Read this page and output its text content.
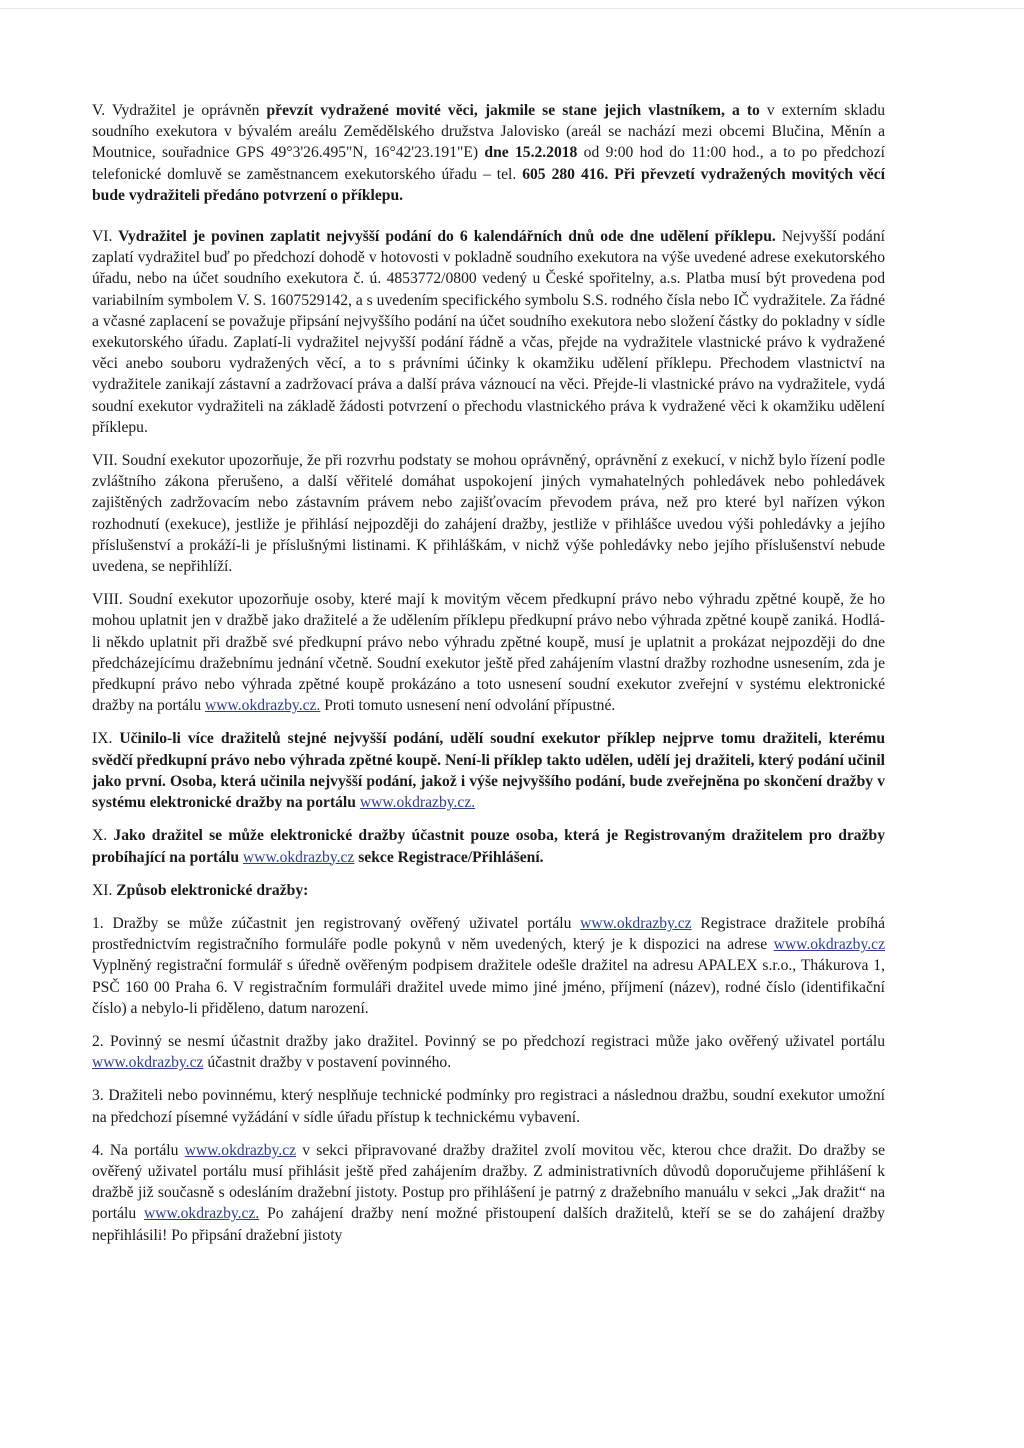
V. Vydražitel je oprávněn převzít vydražené movité věci, jakmile se stane jejich vlastníkem, a to v externím skladu soudního exekutora v bývalém areálu Zemědělského družstva Jalovisko (areál se nachází mezi obcemi Blučina, Měnín a Moutnice, souřadnice GPS 49°3'26.495"N, 16°42'23.191"E) dne 15.2.2018 od 9:00 hod do 11:00 hod., a to po předchozí telefonické domluvě se zaměstnancem exekutorského úřadu – tel. 605 280 416. Při převzetí vydražených movitých věcí bude vydražiteli předáno potvrzení o příklepu.

VI. Vydražitel je povinen zaplatit nejvyšší podání do 6 kalendářních dnů ode dne udělení příklepu. Nejvyšší podání zaplatí vydražitel buď po předchozí dohodě v hotovosti v pokladně soudního exekutora na výše uvedené adrese exekutorského úřadu, nebo na účet soudního exekutora č. ú. 4853772/0800 vedený u České spořitelny, a.s. Platba musí být provedena pod variabilním symbolem V. S. 1607529142, a s uvedením specifického symbolu S.S. rodného čísla nebo IČ vydražitele. Za řádné a včasné zaplacení se považuje připsání nejvyššího podání na účet soudního exekutora nebo složení částky do pokladny v sídle exekutorského úřadu. Zaplatí-li vydražitel nejvyšší podání řádně a včas, přejde na vydražitele vlastnické právo k vydražené věci anebo souboru vydražených věcí, a to s právními účinky k okamžiku udělení příklepu. Přechodem vlastnictví na vydražitele zanikají zástavní a zadržovací práva a další práva váznoucí na věci. Přejde-li vlastnické právo na vydražitele, vydá soudní exekutor vydražiteli na základě žádosti potvrzení o přechodu vlastnického práva k vydražené věci k okamžiku udělení příklepu.

VII. Soudní exekutor upozorňuje, že při rozvrhu podstaty se mohou oprávněný, oprávnění z exekucí, v nichž bylo řízení podle zvláštního zákona přerušeno, a další věřitelé domáhat uspokojení jiných vymahatelných pohledávek nebo pohledávek zajištěných zadržovacím nebo zástavním právem nebo zajišťovacím převodem práva, než pro které byl nařízen výkon rozhodnutí (exekuce), jestliže je přihlásí nejpozději do zahájení dražby, jestliže v přihlášce uvedou výši pohledávky a jejího příslušenství a prokáží-li je příslušnými listinami. K přihláškám, v nichž výše pohledávky nebo jejího příslušenství nebude uvedena, se nepřihlíží.

VIII. Soudní exekutor upozorňuje osoby, které mají k movitým věcem předkupní právo nebo výhradu zpětné koupě, že ho mohou uplatnit jen v dražbě jako dražitelé a že udělením příklepu předkupní právo nebo výhrada zpětné koupě zaniká. Hodlá-li někdo uplatnit při dražbě své předkupní právo nebo výhradu zpětné koupě, musí je uplatnit a prokázat nejpozději do dne předcházejícímu dražebnímu jednání včetně. Soudní exekutor ještě před zahájením vlastní dražby rozhodne usnesením, zda je předkupní právo nebo výhrada zpětné koupě prokázáno a toto usnesení soudní exekutor zveřejní v systému elektronické dražby na portálu www.okdrazby.cz. Proti tomuto usnesení není odvolání přípustné.

IX. Učinilo-li více dražitelů stejné nejvyšší podání, udělí soudní exekutor příklep nejprve tomu dražiteli, kterému svědčí předkupní právo nebo výhrada zpětné koupě. Není-li příklep takto udělen, udělí jej dražiteli, který podání učinil jako první. Osoba, která učinila nejvyšší podání, jakož i výše nejvyššího podání, bude zveřejněna po skončení dražby v systému elektronické dražby na portálu www.okdrazby.cz.

X. Jako dražitel se může elektronické dražby účastnit pouze osoba, která je Registrovaným dražitelem pro dražby probíhající na portálu www.okdrazby.cz sekce Registrace/Přihlášení.

XI. Způsob elektronické dražby:

1. Dražby se může zúčastnit jen registrovaný ověřený uživatel portálu www.okdrazby.cz Registrace dražitele probíhá prostřednictvím registračního formuláře podle pokynů v něm uvedených, který je k dispozici na adrese www.okdrazby.cz Vyplněný registrační formulář s úředně ověřeným podpisem dražitele odešle dražitel na adresu APALEX s.r.o., Thákurova 1, PSČ 160 00 Praha 6. V registračním formuláři dražitel uvede mimo jiné jméno, příjmení (název), rodné číslo (identifikační číslo) a nebylo-li přiděleno, datum narození.

2. Povinný se nesmí účastnit dražby jako dražitel. Povinný se po předchozí registraci může jako ověřený uživatel portálu www.okdrazby.cz účastnit dražby v postavení povinného.

3. Dražiteli nebo povinnému, který nesplňuje technické podmínky pro registraci a následnou dražbu, soudní exekutor umožní na předchozí písemné vyžádání v sídle úřadu přístup k technickému vybavení.

4. Na portálu www.okdrazby.cz v sekci připravované dražby dražitel zvolí movitou věc, kterou chce dražit. Do dražby se ověřený uživatel portálu musí přihlásit ještě před zahájením dražby. Z administrativních důvodů doporučujeme přihlášení k dražbě již současně s odesláním dražební jistoty. Postup pro přihlášení je patrný z dražebního manuálu v sekci „Jak dražit“ na portálu www.okdrazby.cz. Po zahájení dražby není možné přistoupení dalších dražitelů, kteří se se do zahájení dražby nepřihlásili! Po připsání dražební jistoty
